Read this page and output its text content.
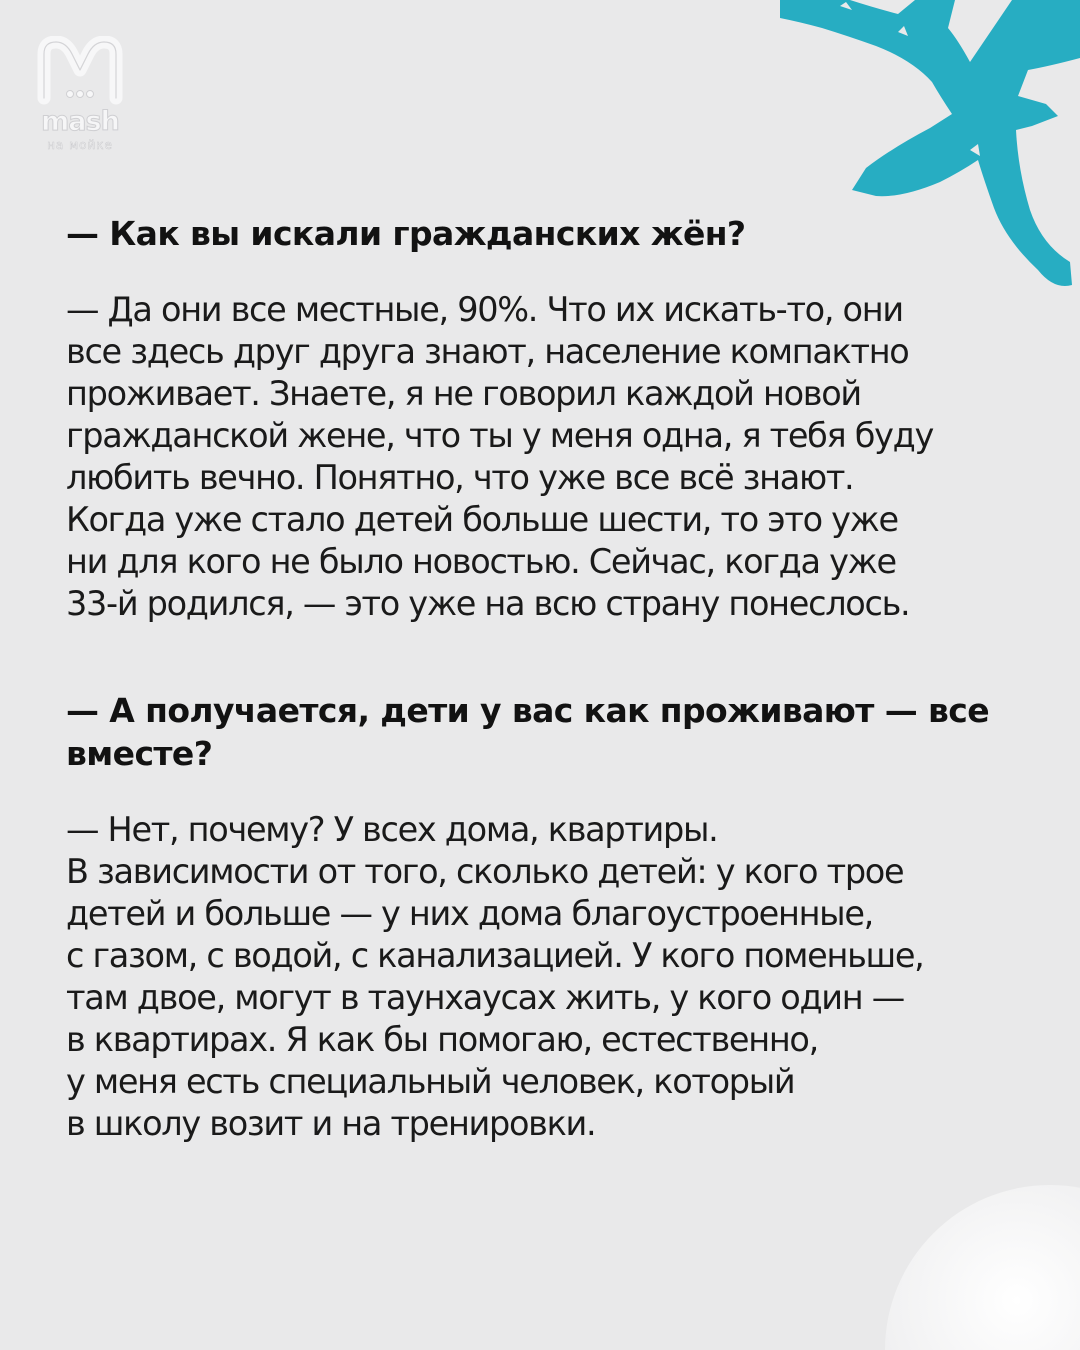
mash
на мойке

— Как вы искали гражданских жён?

— Да они все местные, 90%. Что их искать-то, они
все здесь друг друга знают, население компактно
проживает. Знаете, я не говорил каждой новой
гражданской жене, что ты у меня одна, я тебя буду
любить вечно. Понятно, что уже все всё знают.
Когда уже стало детей больше шести, то это уже
ни для кого не было новостью. Сейчас, когда уже
33-й родился, — это уже на всю страну понеслось.

— А получается, дети у вас как проживают — все
вместе?

— Нет, почему? У всех дома, квартиры.
В зависимости от того, сколько детей: у кого трое
детей и больше — у них дома благоустроенные,
с газом, с водой, с канализацией. У кого поменьше,
там двое, могут в таунхаусах жить, у кого один —
в квартирах. Я как бы помогаю, естественно,
у меня есть специальный человек, который
в школу возит и на тренировки.
